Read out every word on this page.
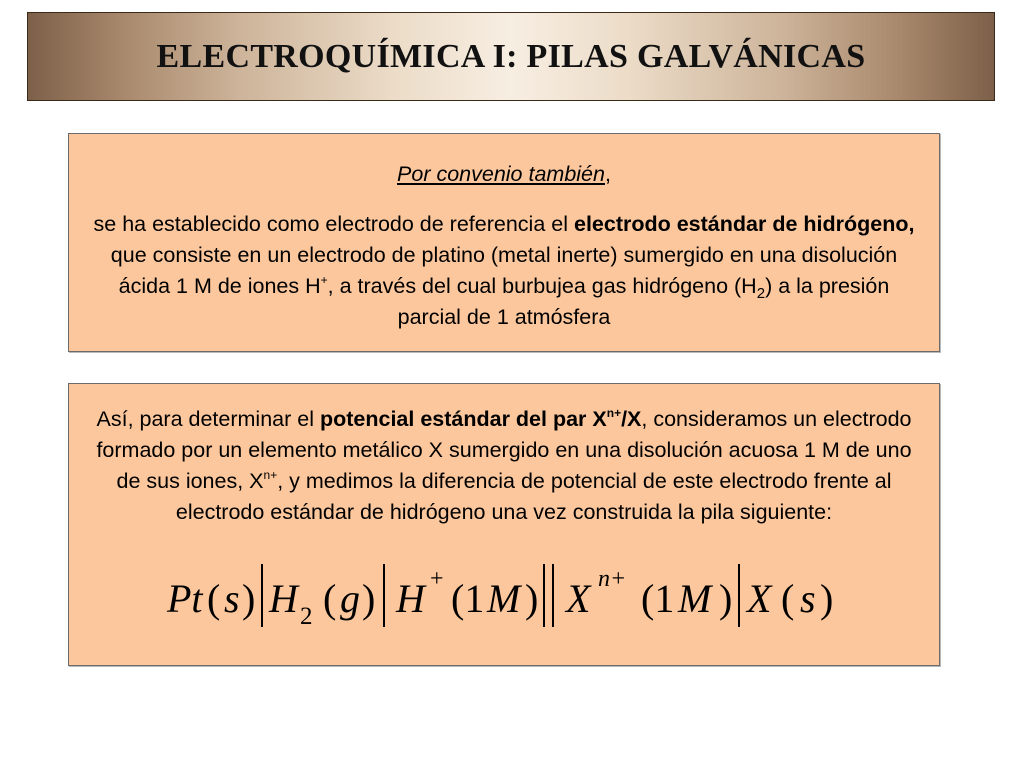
ELECTROQUÍMICA I: PILAS GALVÁNICAS
Por convenio también,
se ha establecido como electrodo de referencia el electrodo estándar de hidrógeno, que consiste en un electrodo de platino (metal inerte) sumergido en una disolución ácida 1 M de iones H+, a través del cual burbujea gas hidrógeno $(H_2)$ a la presión parcial de 1 atmósfera
Así, para determinar el potencial estándar del par $X^{n+}/X$, consideramos un electrodo formado por un elemento metálico X sumergido en una disolución acuosa 1 M de uno de sus iones, $X^{n+}$, y medimos la diferencia de potencial de este electrodo frente al electrodo estándar de hidrógeno una vez construida la pila siguiente:
Pt ( s ) H 2 ( g ) H + (1 M ) X n+ (1 M ) X ( s )
